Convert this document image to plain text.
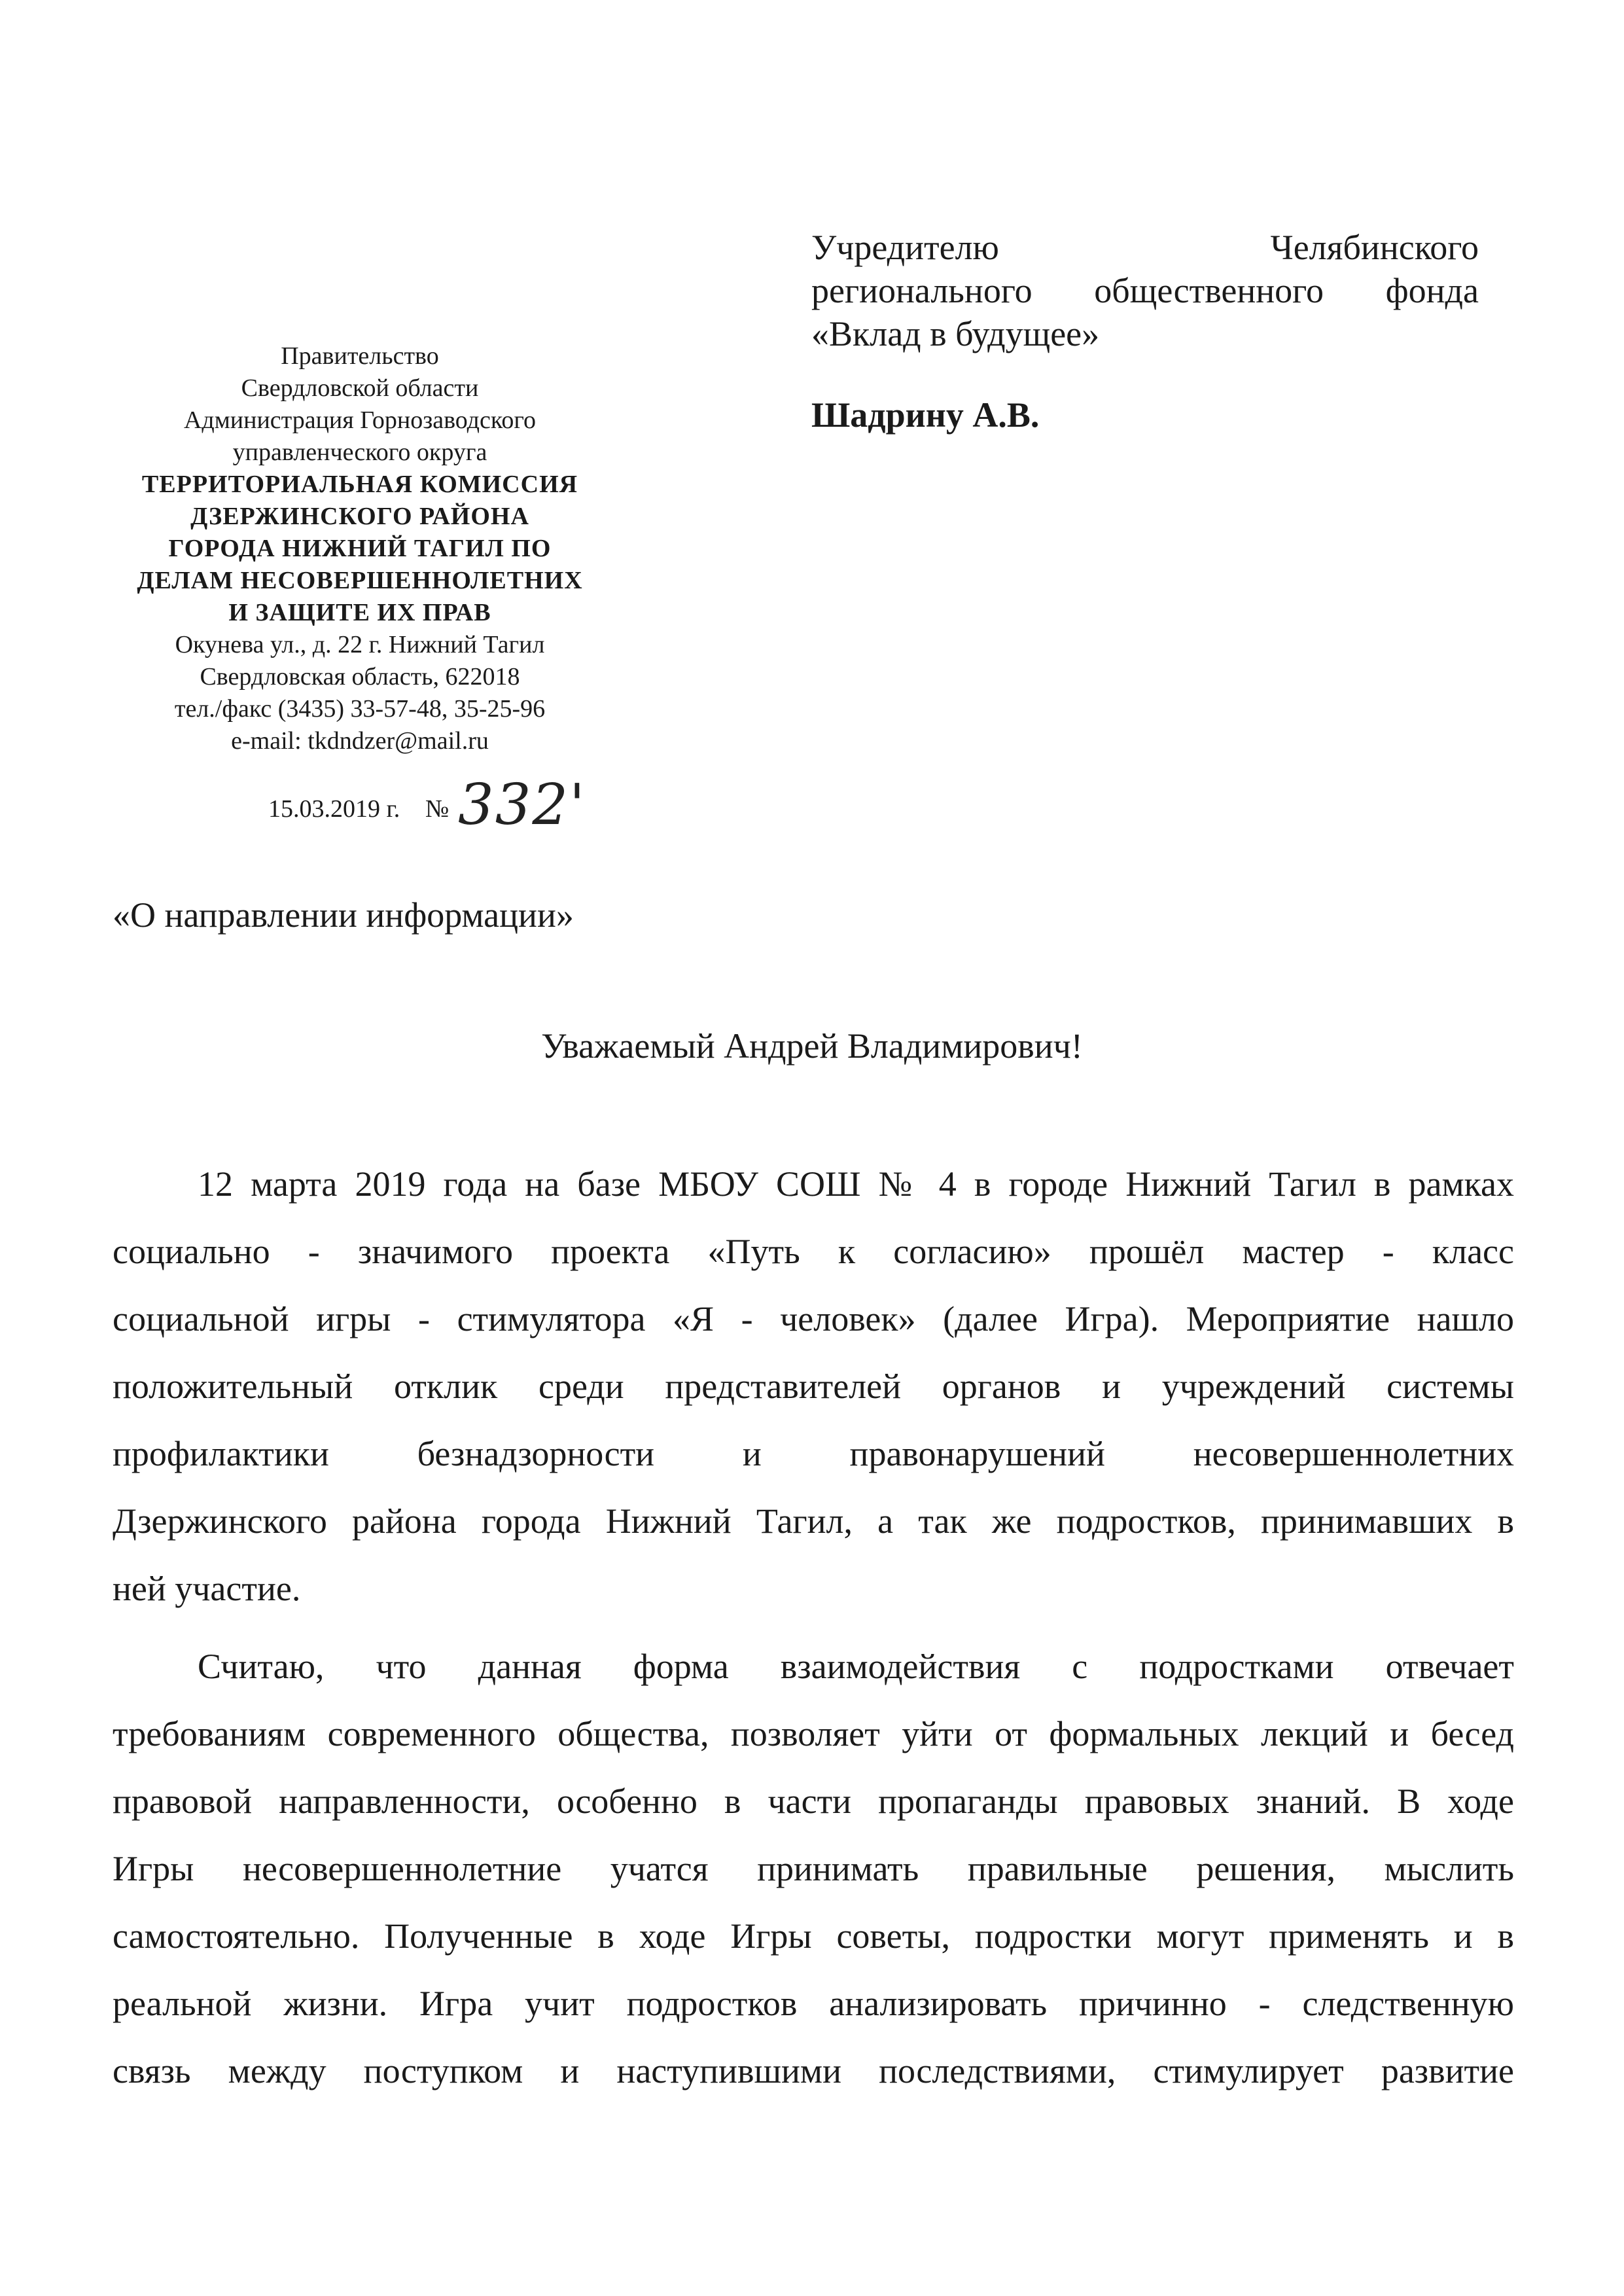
Правительство
Свердловской области
Администрация Горнозаводского
управленческого округа
ТЕРРИТОРИАЛЬНАЯ КОМИССИЯ
ДЗЕРЖИНСКОГО РАЙОНА
ГОРОДА НИЖНИЙ ТАГИЛ ПО
ДЕЛАМ НЕСОВЕРШЕННОЛЕТНИХ
И ЗАЩИТЕ ИХ ПРАВ
Окунева ул., д. 22 г. Нижний Тагил
Свердловская область, 622018
тел./факс (3435) 33-57-48, 35-25-96
e-mail: tkdndzer@mail.ru
15.03.2019 г. № 332'
Учредителю Челябинского
регионального общественного фонда
«Вклад в будущее»
Шадрину А.В.
«О направлении информации»
Уважаемый Андрей Владимирович!
12 марта 2019 года на базе МБОУ СОШ № 4 в городе Нижний Тагил в рамках
социально - значимого проекта «Путь к согласию» прошёл мастер - класс
социальной игры - стимулятора «Я - человек» (далее Игра). Мероприятие нашло
положительный отклик среди представителей органов и учреждений системы
профилактики безнадзорности и правонарушений несовершеннолетних
Дзержинского района города Нижний Тагил, а так же подростков, принимавших в
ней участие.
Считаю, что данная форма взаимодействия с подростками отвечает
требованиям современного общества, позволяет уйти от формальных лекций и бесед
правовой направленности, особенно в части пропаганды правовых знаний. В ходе
Игры несовершеннолетние учатся принимать правильные решения, мыслить
самостоятельно. Полученные в ходе Игры советы, подростки могут применять и в
реальной жизни. Игра учит подростков анализировать причинно - следственную
связь между поступком и наступившими последствиями, стимулирует развитие
